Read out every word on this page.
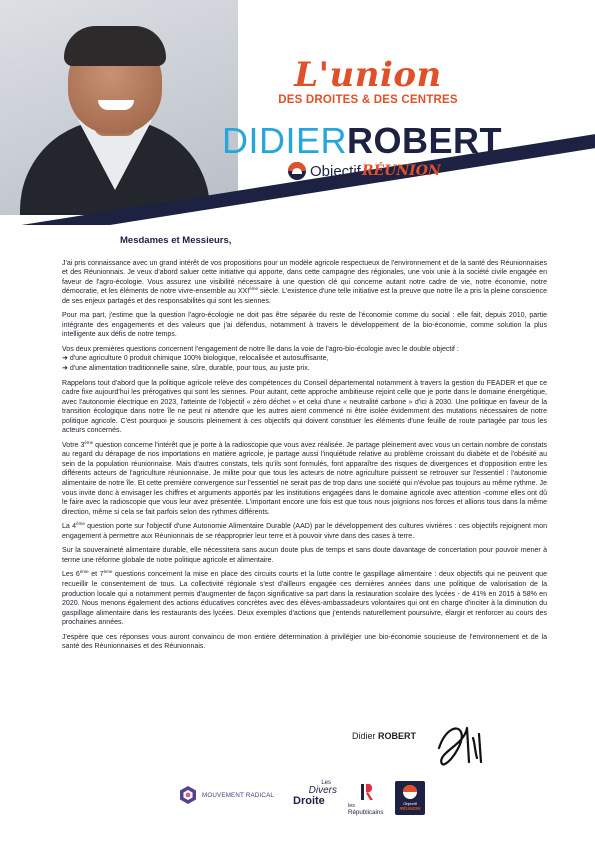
L'union
DES DROITES & DES CENTRES
DIDIERROBERT
Objectif RÉUNION
Mesdames et Messieurs,

J'ai pris connaissance avec un grand intérêt de vos propositions pour un modèle agricole respectueux de l'environnement et de la santé des Réunionnaises et des Réunionnais. Je veux d'abord saluer cette initiative qui apporte, dans cette campagne des régionales, une voix unie à la société civile engagée en faveur de l'agro-écologie. Vous assurez une visibilité nécessaire à une question clé qui concerne autant notre cadre de vie, notre économie, notre démocratie, et les éléments de notre vivre-ensemble au XXIème siècle. L'existence d'une telle initiative est la preuve que notre île a pris la pleine conscience de ses enjeux partagés et des responsabilités qui sont les siennes.

Pour ma part, j'estime que la question l'agro-écologie ne doit pas être séparée du reste de l'économie comme du social : elle fait, depuis 2010, partie intégrante des engagements et des valeurs que j'ai défendus, notamment à travers le développement de la bio-économie, comme solution la plus intelligente aux défis de notre temps.

Vos deux premières questions concernent l'engagement de notre île dans la voie de l'agro-bio-écologie avec le double objectif :
➜ d'une agriculture 0 produit chimique 100% biologique, relocalisée et autosuffisante,
➜ d'une alimentation traditionnelle saine, sûre, durable, pour tous, au juste prix.

Rappelons tout d'abord que la politique agricole relève des compétences du Conseil départemental notamment à travers la gestion du FEADER et que ce cadre fixe aujourd'hui les prérogatives qui sont les siennes. Pour autant, cette approche ambitieuse rejoint celle que je porte dans le domaine énergétique, avec l'autonomie électrique en 2023, l'atteinte de l'objectif « zéro déchet » et celui d'une « neutralité carbone » d'ici à 2030. Une politique en faveur de la transition écologique dans notre île ne peut ni attendre que les autres aient commencé ni être isolée évidemment des mutations nécessaires de notre politique agricole. C'est pourquoi je souscris pleinement à ces objectifs qui doivent constituer les éléments d'une feuille de route partagée par tous les acteurs concernés.

Votre 3ème question concerne l'intérêt que je porte à la radioscopie que vous avez réalisée. Je partage pleinement avec vous un certain nombre de constats au regard du dérapage de nos importations en matière agricole, je partage aussi l'inquiétude relative au problème croissant du diabète et de l'obésité au sein de la population réunionnaise. Mais d'autres constats, tels qu'ils sont formulés, font apparaître des risques de divergences et d'opposition entre les différents acteurs de l'agriculture réunionnaise. Je milite pour que tous les acteurs de notre agriculture puissent se retrouver sur l'essentiel : l'autonomie alimentaire de notre île. Et cette première convergence sur l'essentiel ne serait pas de trop dans une société qui n'évolue pas toujours au même rythme. Je vous invite donc à envisager les chiffres et arguments apportés par les institutions engagées dans le domaine agricole avec attention -comme elles ont dû le faire avec la radioscopie que vous leur avez présentée. L'important encore une fois est que tous nous joignions nos forces et allions tous dans la même direction, même si cela se fait parfois selon des rythmes différents.

La 4ème question porte sur l'objectif d'une Autonomie Alimentaire Durable (AAD) par le développement des cultures vivrières : ces objectifs rejoignent mon engagement à permettre aux Réunionnais de se réapproprier leur terre et à pouvoir vivre dans des cases à terre.

Sur la souveraineté alimentaire durable, elle nécessitera sans aucun doute plus de temps et sans doute davantage de concertation pour pouvoir mener à terme une réforme globale de notre politique agricole et alimentaire.

Les 6ème et 7ème questions concernent la mise en place des circuits courts et la lutte contre le gaspillage alimentaire : deux objectifs qui ne peuvent que recueillir le consentement de tous. La collectivité régionale s'est d'ailleurs engagée ces dernières années dans une politique de valorisation de la production locale qui a notamment permis d'augmenter de façon significative sa part dans la restauration scolaire des lycées - de 41% en 2015 à 58% en 2020. Nous menons également des actions éducatives concrètes avec des élèves-ambassadeurs volontaires qui ont en charge d'inciter à la diminution du gaspillage alimentaire dans les restaurants des lycées. Deux exemples d'actions que j'entends naturellement poursuivre, élargir et renforcer au cours des prochaines années.

J'espère que ces réponses vous auront convaincu de mon entière détermination à privilégier une bio-économie soucieuse de l'environnement et de la santé des Réunionnaises et des Réunionnais.

Didier ROBERT
MOUVEMENT RADICAL
Les
Divers
Droite	les
Républicains
Objectif
RÉUNION
